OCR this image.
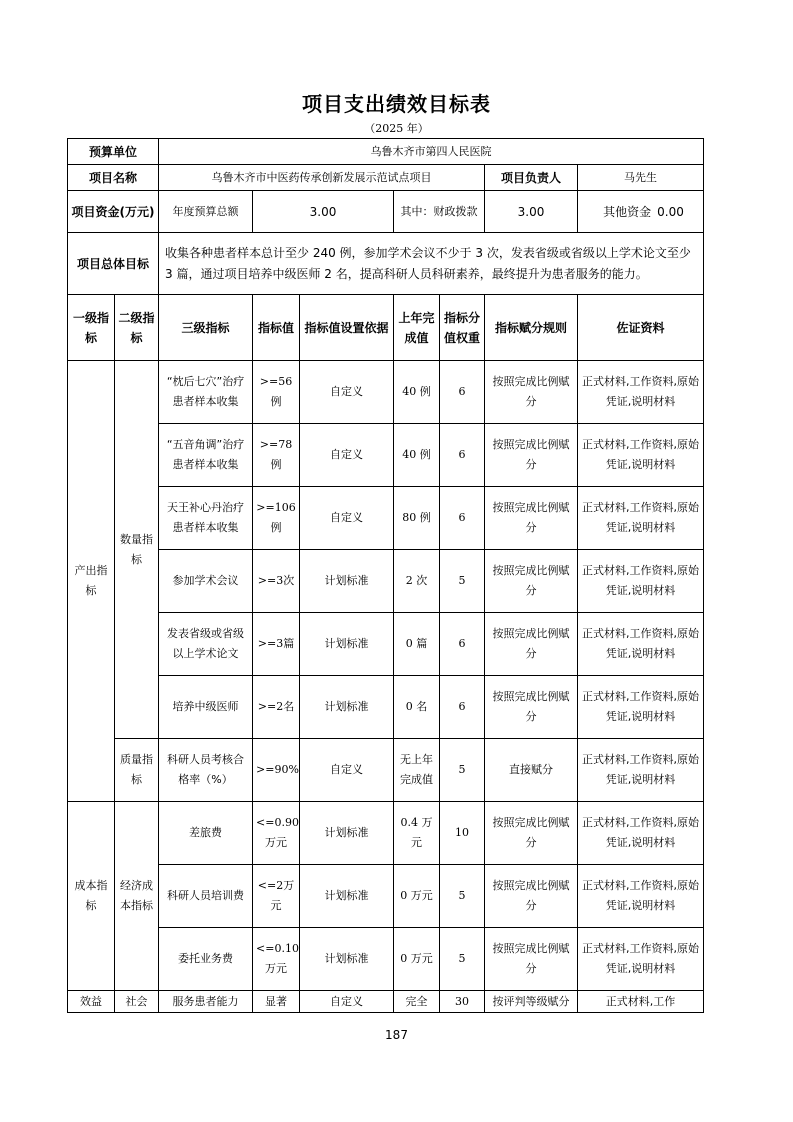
项目支出绩效目标表
（2025 年）
预算单位		乌鲁木齐市第四人民医院						
项目名称		乌鲁木齐市中医药传承创新发展示范试点项目					项目负责人	马先生
项目资金(万元)		年度预算总额	3.00		其中：财政拨款		3.00	其他资金 0.00
项目总体目标		收集各种患者样本总计至少 240 例，参加学术会议不少于 3 次，发表省级或省级以上学术论文至少 3 篇，通过项目培养中级医师 2 名，提高科研人员科研素养，最终提升为患者服务的能力。						
一级指标	二级指标	三级指标	指标值	指标值设置依据	上年完成值	指标分值权重	指标赋分规则	佐证资料
产出指标	数量指标	“枕后七穴”治疗患者样本收集	>=56例	自定义	40 例	6	按照完成比例赋分	正式材料,工作资料,原始凭证,说明材料
		“五音角调”治疗患者样本收集	>=78例	自定义	40 例	6	按照完成比例赋分	正式材料,工作资料,原始凭证,说明材料
		天王补心丹治疗患者样本收集	>=106例	自定义	80 例	6	按照完成比例赋分	正式材料,工作资料,原始凭证,说明材料
		参加学术会议	>=3次	计划标准	2 次	5	按照完成比例赋分	正式材料,工作资料,原始凭证,说明材料
		发表省级或省级以上学术论文	>=3篇	计划标准	0 篇	6	按照完成比例赋分	正式材料,工作资料,原始凭证,说明材料
		培养中级医师	>=2名	计划标准	0 名	6	按照完成比例赋分	正式材料,工作资料,原始凭证,说明材料
	质量指标	科研人员考核合格率（%）	>=90%	自定义	无上年完成值	5	直接赋分	正式材料,工作资料,原始凭证,说明材料
成本指标	经济成本指标	差旅费	<=0.90万元	计划标准	0.4 万元	10	按照完成比例赋分	正式材料,工作资料,原始凭证,说明材料
		科研人员培训费	<=2万元	计划标准	0 万元	5	按照完成比例赋分	正式材料,工作资料,原始凭证,说明材料
		委托业务费	<=0.10万元	计划标准	0 万元	5	按照完成比例赋分	正式材料,工作资料,原始凭证,说明材料
效益	社会	服务患者能力	显著	自定义	完全	30	按评判等级赋分	正式材料,工作
187
